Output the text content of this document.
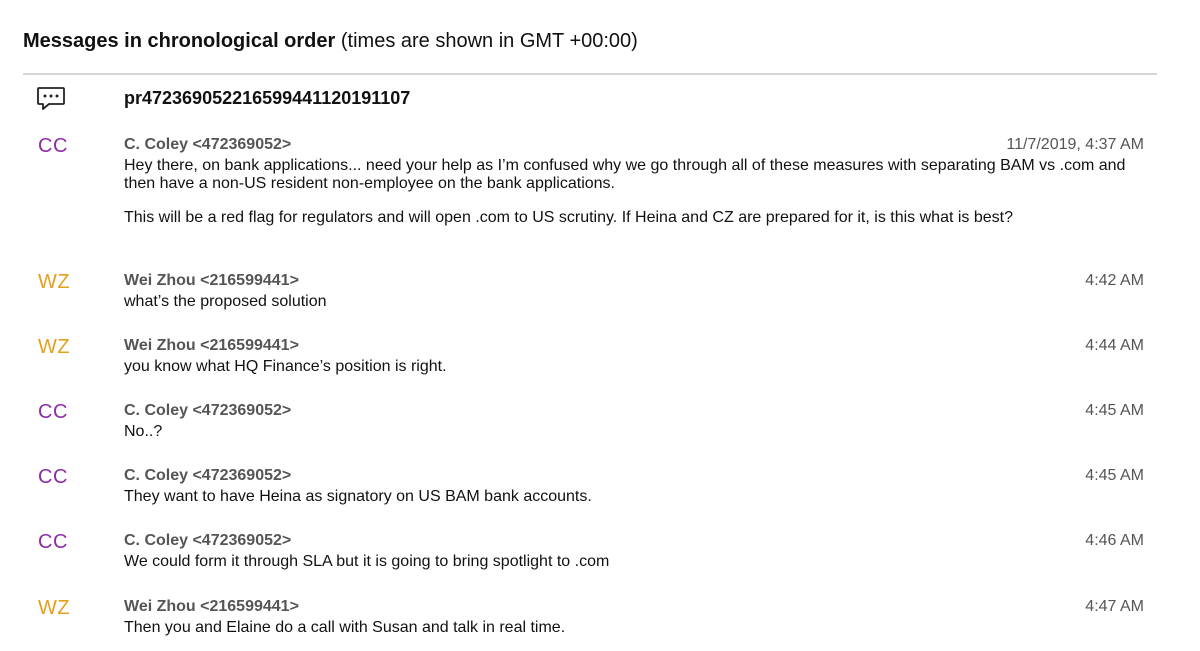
Messages in chronological order (times are shown in GMT +00:00)
pr472369052216599441120191107
CC	C. Coley <472369052>	11/7/2019, 4:37 AM

Hey there, on bank applications... need your help as I’m confused why we go through all of these measures with separating BAM vs .com and then have a non-US resident non-employee on the bank applications.

This will be a red flag for regulators and will open .com to US scrutiny. If Heina and CZ are prepared for it, is this what is best?

WZ	Wei Zhou <216599441>	4:42 AM

what’s the proposed solution

WZ	Wei Zhou <216599441>	4:44 AM

you know what HQ Finance’s position is right.

CC	C. Coley <472369052>	4:45 AM

No..?

CC	C. Coley <472369052>	4:45 AM

They want to have Heina as signatory on US BAM bank accounts.

CC	C. Coley <472369052>	4:46 AM

We could form it through SLA but it is going to bring spotlight to .com

WZ	Wei Zhou <216599441>	4:47 AM

Then you and Elaine do a call with Susan and talk in real time.
